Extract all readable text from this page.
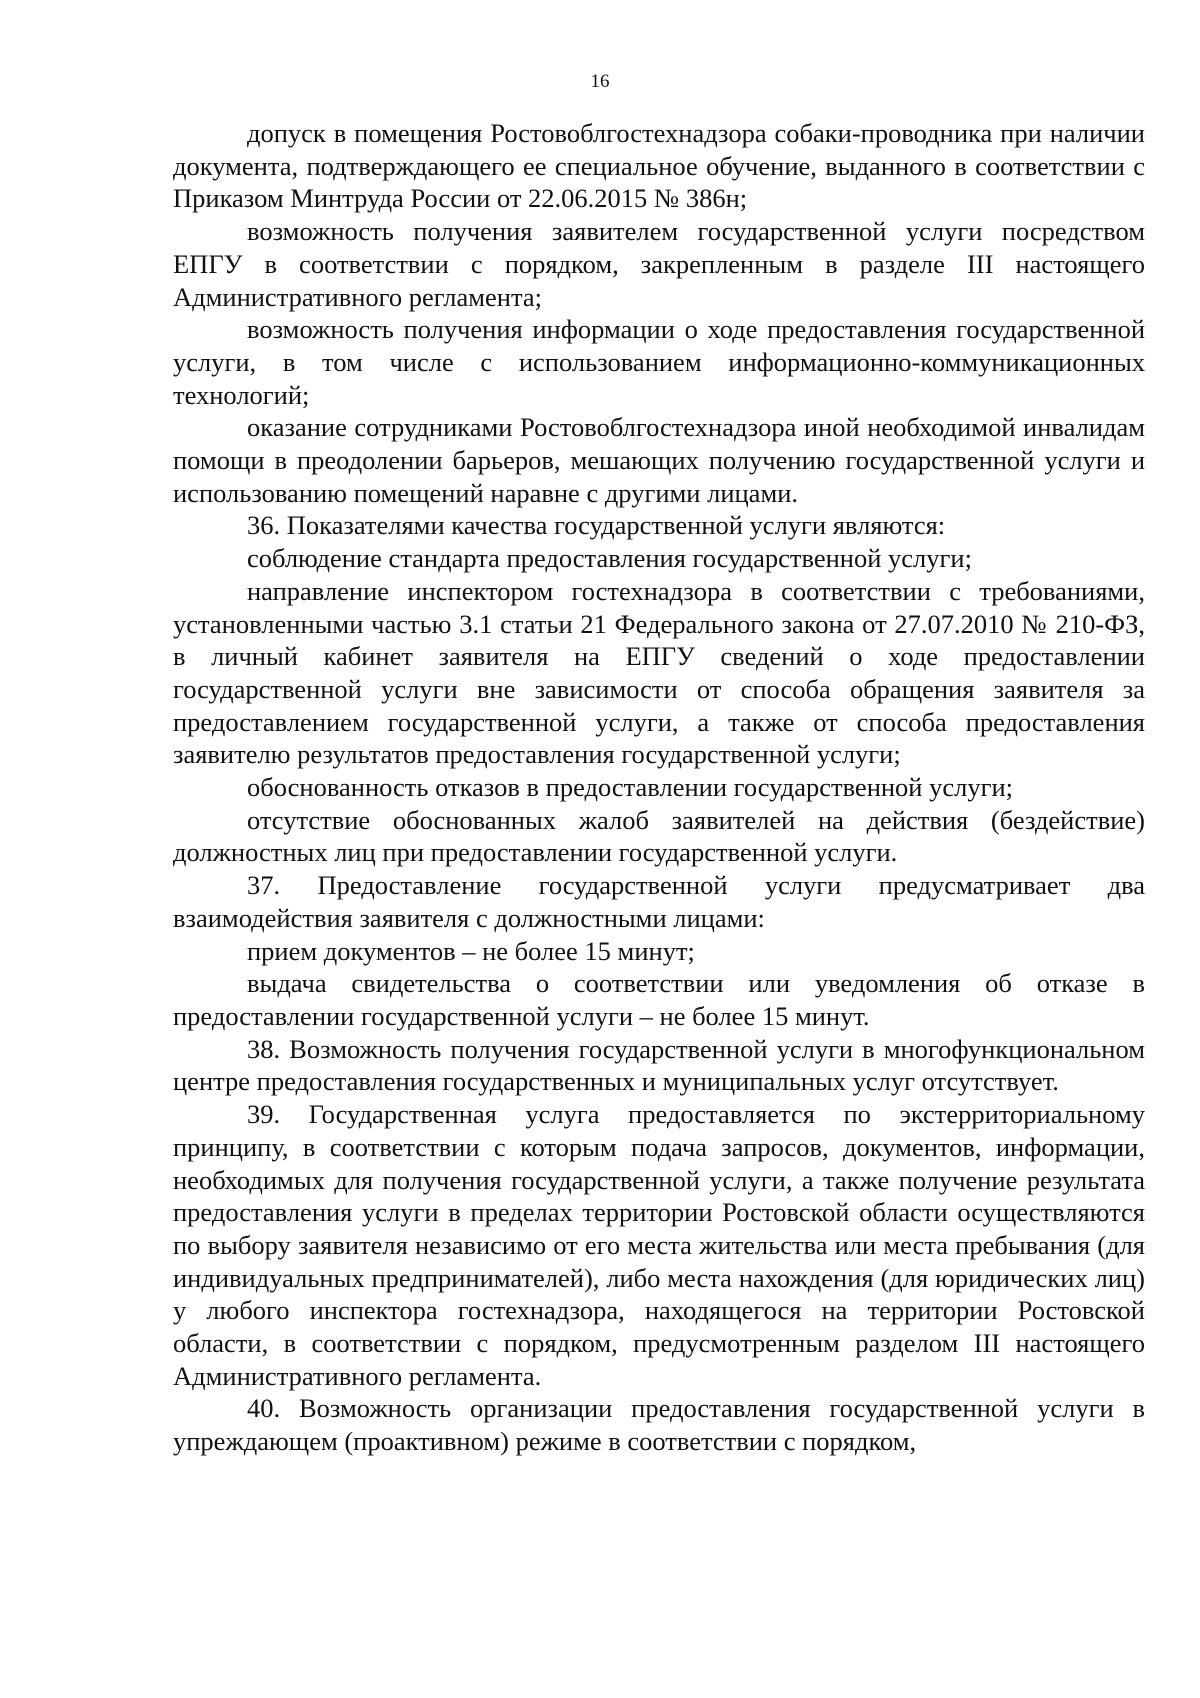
16

допуск в помещения Ростовоблгостехнадзора собаки-проводника при наличии документа, подтверждающего ее специальное обучение, выданного в соответствии с Приказом Минтруда России от 22.06.2015 № 386н;

возможность получения заявителем государственной услуги посредством ЕПГУ в соответствии с порядком, закрепленным в разделе III настоящего Административного регламента;

возможность получения информации о ходе предоставления государственной услуги, в том числе с использованием информационно-коммуникационных технологий;

оказание сотрудниками Ростовоблгостехнадзора иной необходимой инвалидам помощи в преодолении барьеров, мешающих получению государственной услуги и использованию помещений наравне с другими лицами.

36. Показателями качества государственной услуги являются:

соблюдение стандарта предоставления государственной услуги;

направление инспектором гостехнадзора в соответствии с требованиями, установленными частью 3.1 статьи 21 Федерального закона от 27.07.2010 № 210-ФЗ, в личный кабинет заявителя на ЕПГУ сведений о ходе предоставлении государственной услуги вне зависимости от способа обращения заявителя за предоставлением государственной услуги, а также от способа предоставления заявителю результатов предоставления государственной услуги;

обоснованность отказов в предоставлении государственной услуги;

отсутствие обоснованных жалоб заявителей на действия (бездействие) должностных лиц при предоставлении государственной услуги.

37. Предоставление государственной услуги предусматривает два взаимодействия заявителя с должностными лицами:

прием документов – не более 15 минут;

выдача свидетельства о соответствии или уведомления об отказе в предоставлении государственной услуги – не более 15 минут.

38. Возможность получения государственной услуги в многофункциональном центре предоставления государственных и муниципальных услуг отсутствует.

39. Государственная услуга предоставляется по экстерриториальному принципу, в соответствии с которым подача запросов, документов, информации, необходимых для получения государственной услуги, а также получение результата предоставления услуги в пределах территории Ростовской области осуществляются по выбору заявителя независимо от его места жительства или места пребывания (для индивидуальных предпринимателей), либо места нахождения (для юридических лиц) у любого инспектора гостехнадзора, находящегося на территории Ростовской области, в соответствии с порядком, предусмотренным разделом III настоящего Административного регламента.

40. Возможность организации предоставления государственной услуги в упреждающем (проактивном) режиме в соответствии с порядком,
